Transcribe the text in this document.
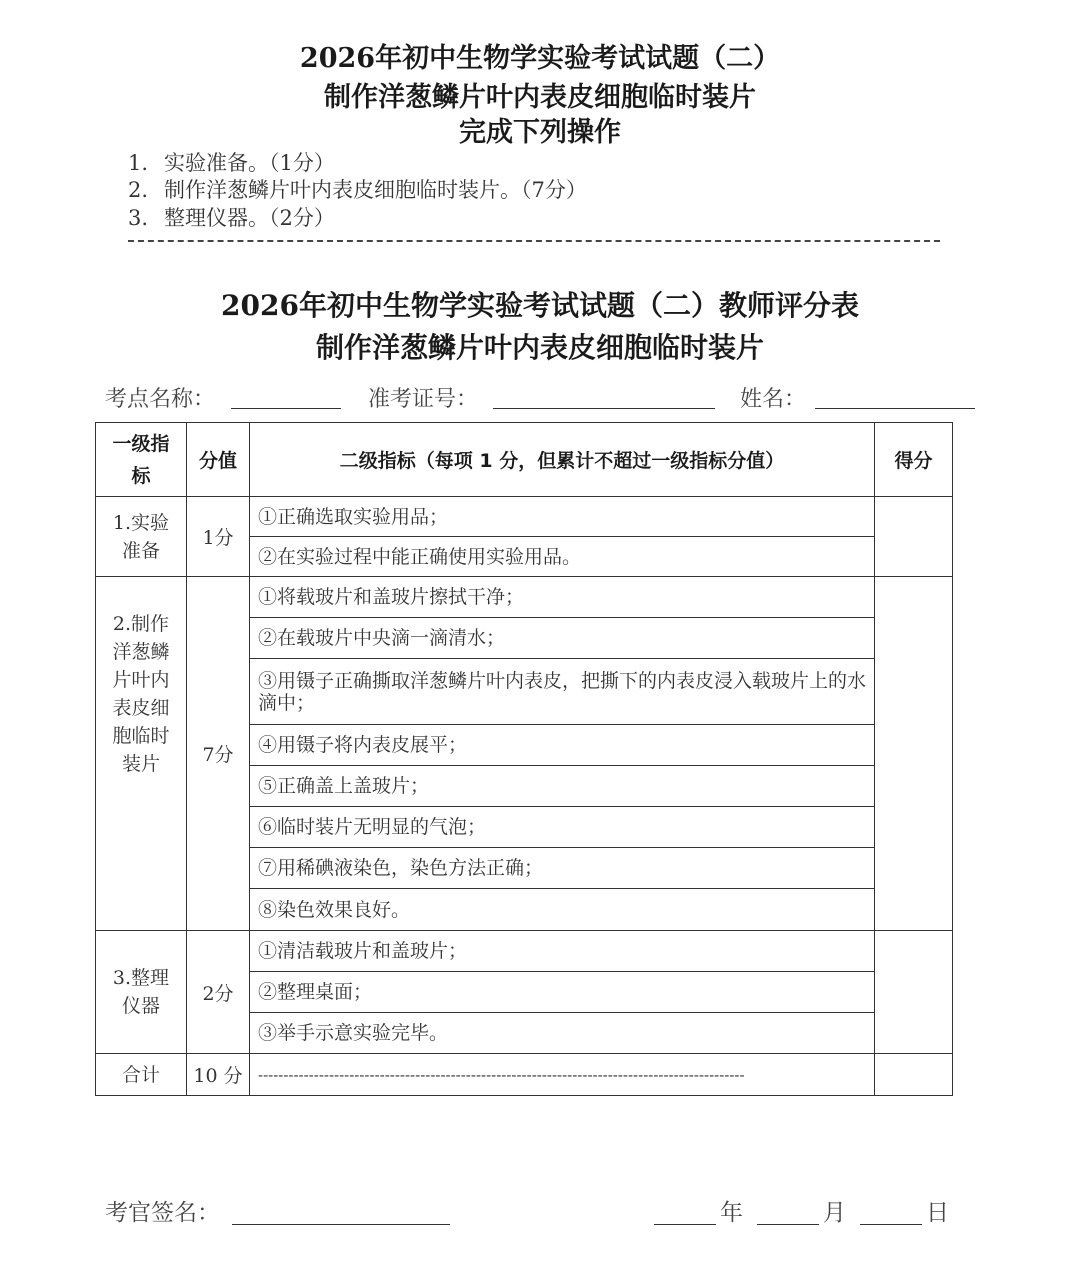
2026年初中生物学实验考试试题（二）
制作洋葱鳞片叶内表皮细胞临时装片
完成下列操作
1. 实验准备。（1分）
2. 制作洋葱鳞片叶内表皮细胞临时装片。（7分）
3. 整理仪器。（2分）
2026年初中生物学实验考试试题（二）教师评分表
制作洋葱鳞片叶内表皮细胞临时装片
考点名称：	准考证号：	姓名：
一级指标	分值	二级指标（每项 1 分，但累计不超过一级指标分值）	得分

1.实验准备	1分	①正确选取实验用品；	
		②在实验过程中能正确使用实验用品。	

2.制作洋葱鳞片叶内表皮细胞临时装片	7分	①将载玻片和盖玻片擦拭干净；	
		②在载玻片中央滴一滴清水；	
		③用镊子正确撕取洋葱鳞片叶内表皮，把撕下的内表皮浸入载玻片上的水滴中；	
		④用镊子将内表皮展平；	
		⑤正确盖上盖玻片；	
		⑥临时装片无明显的气泡；	
		⑦用稀碘液染色，染色方法正确；	
		⑧染色效果良好。	

3.整理仪器	2分	①清洁载玻片和盖玻片；	
		②整理桌面；	
		③举手示意实验完毕。	
合计	10 分	------------------------------------------------------------------------------------------------	
考官签名：	年	月	日
